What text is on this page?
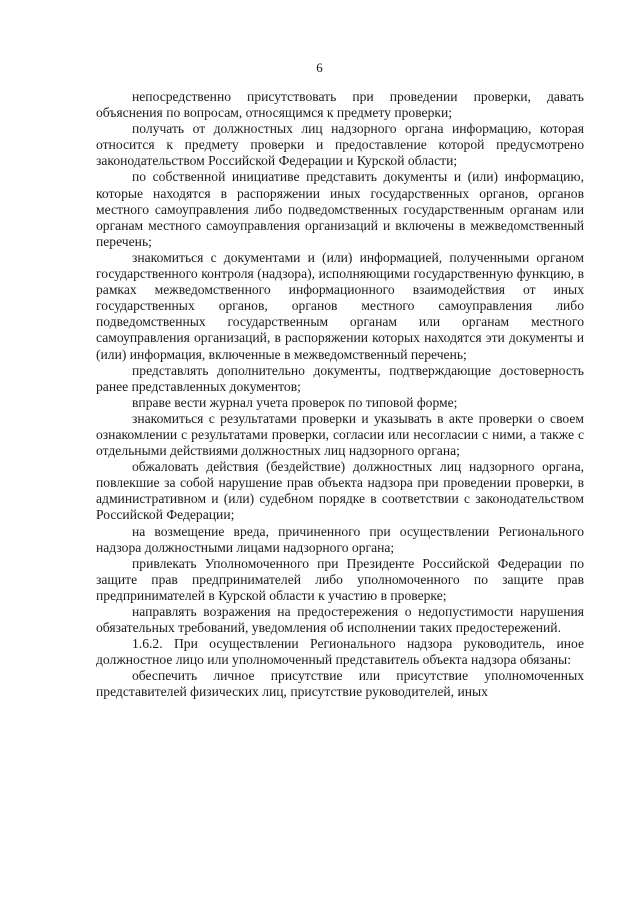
6

непосредственно присутствовать при проведении проверки, давать объяснения по вопросам, относящимся к предмету проверки;

получать от должностных лиц надзорного органа информацию, которая относится к предмету проверки и предоставление которой предусмотрено законодательством Российской Федерации и Курской области;

по собственной инициативе представить документы и (или) информацию, которые находятся в распоряжении иных государственных органов, органов местного самоуправления либо подведомственных государственным органам или органам местного самоуправления организаций и включены в межведомственный перечень;

знакомиться с документами и (или) информацией, полученными органом государственного контроля (надзора), исполняющими государственную функцию, в рамках межведомственного информационного взаимодействия от иных государственных органов, органов местного самоуправления либо подведомственных государственным органам или органам местного самоуправления организаций, в распоряжении которых находятся эти документы и (или) информация, включенные в межведомственный перечень;

представлять дополнительно документы, подтверждающие достоверность ранее представленных документов;

вправе вести журнал учета проверок по типовой форме;

знакомиться с результатами проверки и указывать в акте проверки о своем ознакомлении с результатами проверки, согласии или несогласии с ними, а также с отдельными действиями должностных лиц надзорного органа;

обжаловать действия (бездействие) должностных лиц надзорного органа, повлекшие за собой нарушение прав объекта надзора при проведении проверки, в административном и (или) судебном порядке в соответствии с законодательством Российской Федерации;

на возмещение вреда, причиненного при осуществлении Регионального надзора должностными лицами надзорного органа;

привлекать Уполномоченного при Президенте Российской Федерации по защите прав предпринимателей либо уполномоченного по защите прав предпринимателей в Курской области к участию в проверке;

направлять возражения на предостережения о недопустимости нарушения обязательных требований, уведомления об исполнении таких предостережений.

1.6.2. При осуществлении Регионального надзора руководитель, иное должностное лицо или уполномоченный представитель объекта надзора обязаны:

обеспечить личное присутствие или присутствие уполномоченных представителей физических лиц, присутствие руководителей, иных
